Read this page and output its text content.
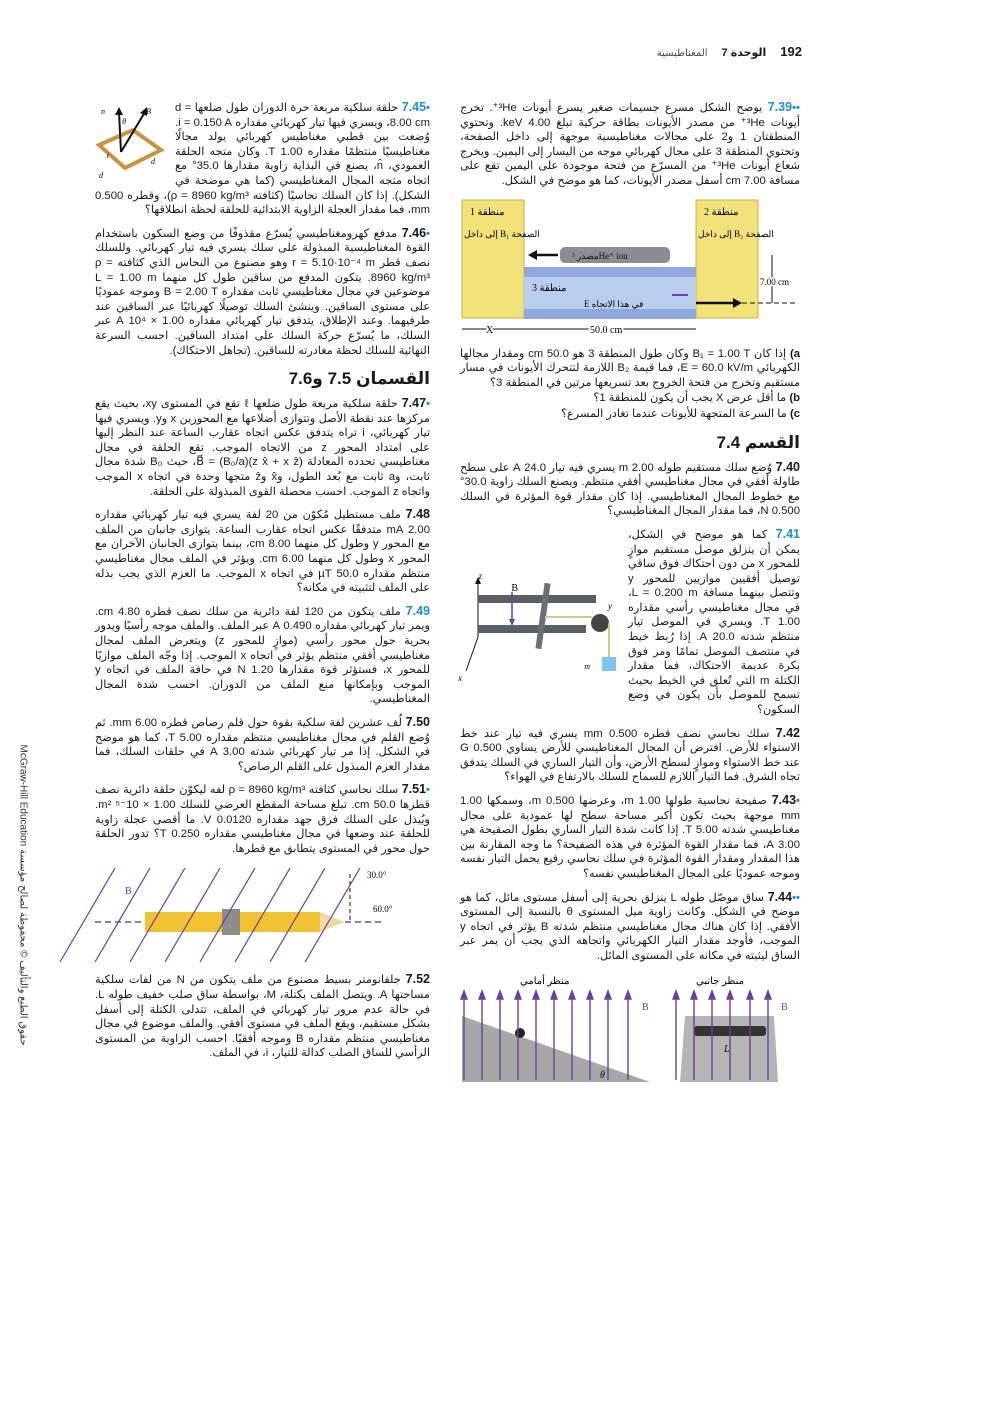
192
الوحدة 7
المغناطيسية
حقوق الطبع والتأليف © محفوظة لصالح مؤسسة McGraw-Hill Education
••7.39 يوضح الشكل مسرع جسيمات صغير يسرع أيونات ³He⁺. تخرج أيونات ³He⁺ من مصدر الأيونات بطاقة حركية تبلغ 4.00 keV. وتحتوي المنطقتان 1 و2 على مجالات مغناطيسية موجهة إلى داخل الصفحة، وتحتوي المنطقة 3 على مجال كهربائي موجه من اليسار إلى اليمين. ويخرج شعاع أيونات ³He⁺ من المسرّع من فتحة موجودة على اليمين تقع على مسافة 7.00 cm أسفل مصدر الأيونات، كما هو موضح في الشكل.
منطقة 1	منطقة 2
منطقة 3
مصدر ³He⁺ ion
إلى داخل B₁ الصفحة	إلى داخل B₂ الصفحة
E في هذا الاتجاه
7.00 cm
X	50.0 cm
a) إذا كان B₁ = 1.00 T وكان طول المنطقة 3 هو 50.0 cm ومقدار مجالها الكهربائي E = 60.0 kV/m، فما قيمة B₂ اللازمة لتتحرك الأيونات في مسار مستقيم وتخرج من فتحة الخروج بعد تسريعها مرتين في المنطقة 3؟
b) ما أقل عرض X يجب أن يكون للمنطقة 1؟
c) ما السرعة المتجهة للأيونات عندما تغادر المسرع؟
القسم 7.4
7.40 وُضع سلك مستقيم طوله 2.00 m يسري فيه تيار 24.0 A على سطح طاولة أفقي في مجال مغناطيسي أفقي منتظم. ويصنع السلك زاوية 30.0° مع خطوط المجال المغناطيسي. إذا كان مقدار قوة المؤثرة في السلك 0.500 N، فما مقدار المجال المغناطيسي؟
z
B
y
x
m
7.41 كما هو موضح في الشكل، يمكن أن ينزلق موصل مستقيم موازٍ للمحور x من دون احتكاك فوق ساقي توصيل أفقيين موازيين للمحور y وتتصل بينهما مسافة L = 0.200 m، في مجال مغناطيسي رأسي مقداره 1.00 T. ويسري في الموصل تيار منتظم شدته 20.0 A. إذا رُبط خيط في منتصف الموصل تمامًا ومر فوق بكرة عديمة الاحتكاك، فما مقدار الكتلة m التي تُعلق في الخيط بحيث تسمح للموصل بأن يكون في وضع السكون؟
7.42 سلك نحاسي نصف قطره 0.500 mm يسري فيه تيار عند خط الاستواء للأرض. افترض أن المجال المغناطيسي للأرض يساوي 0.500 G عند خط الاستواء وموازٍ لسطح الأرض، وأن التيار الساري في السلك يتدفق تجاه الشرق. فما التيار اللازم للسماح للسلك بالارتفاع في الهواء؟
•7.43 صفيحة نحاسية طولها 1.00 m، وعرضها 0.500 m، وسمكها 1.00 mm موجهة بحيث تكون أكبر مساحة سطح لها عمودية على مجال مغناطيسي شدته 5.00 T. إذا كانت شدة التيار الساري بطول الصفيحة هي 3.00 A، فما مقدار القوة المؤثرة في هذه الصفيحة؟ ما وجه المقارنة بين هذا المقدار ومقدار القوة المؤثرة في سلك نحاسي رفيع يحمل التيار نفسه وموجه عموديًا على المجال المغناطيسي نفسه؟
••7.44 ساق موصّل طوله L ينزلق بحرية إلى أسفل مستوى مائل، كما هو موضح في الشكل. وكانت زاوية ميل المستوى θ بالنسبة إلى المستوى الأفقي. إذا كان هناك مجال مغناطيسي منتظم شدته B يؤثر في اتجاه y الموجب، فأوجد مقدار التيار الكهربائي واتجاهه الذي يجب أن يمر عبر الساق ليثبته في مكانه على المستوى المائل.
منظر أمامي	منظر جانبي
B	B
θ
L
n
θ
B
i
d
d
•7.45 حلقة سلكية مربعة حرة الدوران طول ضلعها d = 8.00 cm، ويسري فيها تيار كهربائي مقداره i = 0.150 A. وُضعت بين قطبي مغناطيس كهربائي يولد مجالًا مغناطيسيًا منتظمًا مقداره 1.00 T. وكان متجه الحلقة العمودي، n̂، يصنع في البداية زاوية مقدارها 35.0° مع اتجاه متجه المجال المغناطيسي (كما هي موضحة في الشكل). إذا كان السلك نحاسيًا (كثافته ρ = 8960 kg/m³)، وقطره 0.500 mm، فما مقدار العجلة الزاوية الابتدائية للحلقة لحظة انطلاقها؟
•7.46 مدفع كهرومغناطيسي يُسرّع مقذوفًا من وضع السكون باستخدام القوة المغناطيسية المبذولة على سلك يسري فيه تيار كهربائي. وللسلك نصف قطر r = 5.10·10⁻⁴ m وهو مصنوع من النحاس الذي كثافته ρ = 8960 kg/m³. يتكون المدفع من ساقين طول كل منهما L = 1.00 m موضوعين في مجال مغناطيسي ثابت مقداره B = 2.00 T وموجه عموديًا على مستوى الساقين. وينشئ السلك توصيلًا كهربائيًا عبر الساقين عند طرفيهما. وعند الإطلاق، يتدفق تيار كهربائي مقداره 1.00 × 10⁴ A عبر السلك، ما يُسرّع حركة السلك على امتداد الساقين. احسب السرعة النهائية للسلك لحظة مغادرته للساقين. (تجاهل الاحتكاك).
القسمان 7.5 و7.6
•7.47 حلقة سلكية مربعة طول ضلعها ℓ تقع في المستوى xy، بحيث يقع مركزها عند نقطة الأصل وتتوازى أضلاعها مع المحورين x وy. ويسري فيها تيار كهربائي، i تراه يتدفق عكس اتجاه عقارب الساعة عند النظر إليها على امتداد المحور z من الاتجاه الموجب. تقع الحلقة في مجال مغناطيسي تحدده المعادلة B⃗ = (B₀/a)(z x̂ + x ẑ)، حيث B₀ شدة مجال ثابت، وa ثابت مع بُعد الطول، وx̂ وẑ متجها وحدة في اتجاه x الموجب واتجاه z الموجب. احسب محصلة القوى المبذولة على الحلقة.
7.48 ملف مستطيل مُكوّن من 20 لفة يسري فيه تيار كهربائي مقداره 2.00 mA متدفقًا عكس اتجاه عقارب الساعة. يتوازى جانبان من الملف مع المحور y وطول كل منهما 8.00 cm، بينما يتوازى الجانبان الآخران مع المحور x وطول كل منهما 6.00 cm. ويؤثر في الملف مجال مغناطيسي منتظم مقداره 50.0 µT في اتجاه x الموجب. ما العزم الذي يجب بذله على الملف لتثبيته في مكانه؟
7.49 ملف يتكون من 120 لفة دائرية من سلك نصف قطره 4.80 cm. ويمر تيار كهربائي مقداره 0.490 A عبر الملف. والملف موجه رأسيًا ويدور بحرية حول محور رأسي (موازٍ للمحور z) ويتعرض الملف لمجال مغناطيسي أفقي منتظم يؤثر في اتجاه x الموجب. إذا وجّه الملف موازيًا للمحور x، فستؤثر قوة مقدارها 1.20 N في حافة الملف في اتجاه y الموجب وبإمكانها منع الملف من الدوران. احسب شدة المجال المغناطيسي.
7.50 لُف عشرين لفة سلكية بقوة حول قلم رصاص قطره 6.00 mm. ثم وُضع القلم في مجال مغناطيسي منتظم مقداره 5.00 T، كما هو موضح في الشكل. إذا مر تيار كهربائي شدته 3.00 A في حلقات السلك، فما مقدار العزم المبذول على القلم الرصاص؟
•7.51 سلك نحاسي كثافته ρ = 8960 kg/m³ لفه ليكوّن حلقة دائرية نصف قطرها 50.0 cm. تبلغ مساحة المقطع العرضي للسلك 1.00 × 10⁻⁵ m². ويُبذل على السلك فرق جهد مقداره 0.0120 V. ما أقصى عجلة زاوية للحلقة عند وضعها في مجال مغناطيسي مقداره 0.250 T؟ تدور الحلقة حول محور في المستوى يتطابق مع قطرها.
B
30.0°
60.0°
7.52 جلفانومتر بسيط مصنوع من ملف يتكون من N من لفات سلكية مساحتها A. ويتصل الملف بكتلة، M، بواسطة ساق صلب خفيف طوله L. في حالة عدم مرور تيار كهربائي في الملف، تتدلى الكتلة إلى أسفل بشكل مستقيم، ويقع الملف في مستوى أفقي. والملف موضوع في مجال مغناطيسي منتظم مقداره B وموجه أفقيًا. احسب الزاوية من المستوى الرأسي للساق الصلب كدالة للتيار، i، في الملف.
